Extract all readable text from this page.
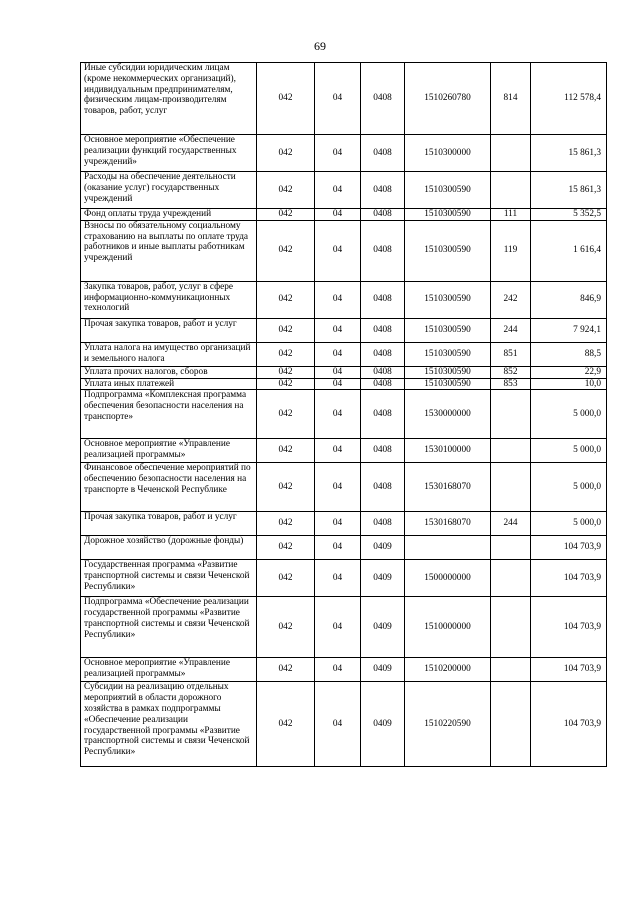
69
Иные субсидии юридическим лицам (кроме некоммерческих организаций), индивидуальным предпринимателям, физическим лицам-производителям товаров, работ, услуг	042	04	0408	1510260780	814	112 578,4
Основное мероприятие «Обеспечение реализации функций государственных учреждений»	042	04	0408	1510300000		15 861,3
Расходы на обеспечение деятельности (оказание услуг) государственных учреждений	042	04	0408	1510300590		15 861,3
Фонд оплаты труда учреждений	042	04	0408	1510300590	111	5 352,5
Взносы по обязательному социальному страхованию на выплаты по оплате труда работников и иные выплаты работникам учреждений	042	04	0408	1510300590	119	1 616,4
Закупка товаров, работ, услуг в сфере информационно-коммуникационных технологий	042	04	0408	1510300590	242	846,9
Прочая закупка товаров, работ и услуг	042	04	0408	1510300590	244	7 924,1
Уплата налога на имущество организаций и земельного налога	042	04	0408	1510300590	851	88,5
Уплата прочих налогов, сборов	042	04	0408	1510300590	852	22,9
Уплата иных платежей	042	04	0408	1510300590	853	10,0
Подпрограмма «Комплексная программа обеспечения безопасности населения на транспорте»	042	04	0408	1530000000		5 000,0
Основное мероприятие «Управление реализацией программы»	042	04	0408	1530100000		5 000,0
Финансовое обеспечение мероприятий по обеспечению безопасности населения на транспорте в Чеченской Республике	042	04	0408	1530168070		5 000,0
Прочая закупка товаров, работ и услуг	042	04	0408	1530168070	244	5 000,0
Дорожное хозяйство (дорожные фонды)	042	04	0409			104 703,9
Государственная программа «Развитие транспортной системы и связи Чеченской Республики»	042	04	0409	1500000000		104 703,9
Подпрограмма «Обеспечение реализации государственной программы «Развитие транспортной системы и связи Чеченской Республики»	042	04	0409	1510000000		104 703,9
Основное мероприятие «Управление реализацией программы»	042	04	0409	1510200000		104 703,9
Субсидии на реализацию отдельных мероприятий в области дорожного хозяйства в рамках подпрограммы «Обеспечение реализации государственной программы «Развитие транспортной системы и связи Чеченской Республики»	042	04	0409	1510220590		104 703,9
